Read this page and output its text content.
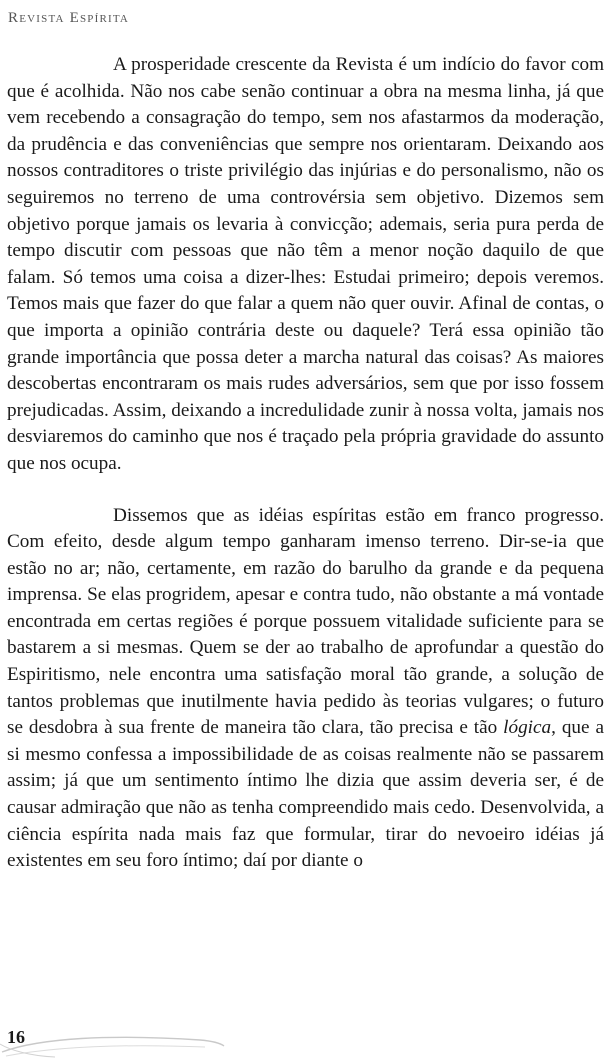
Revista Espírita

A prosperidade crescente da Revista é um indício do favor com que é acolhida. Não nos cabe senão continuar a obra na mesma linha, já que vem recebendo a consagração do tempo, sem nos afastarmos da moderação, da prudência e das conveniências que sempre nos orientaram. Deixando aos nossos contraditores o triste privilégio das injúrias e do personalismo, não os seguiremos no terreno de uma controvérsia sem objetivo. Dizemos sem objetivo porque jamais os levaria à convicção; ademais, seria pura perda de tempo discutir com pessoas que não têm a menor noção daquilo de que falam. Só temos uma coisa a dizer-lhes: Estudai primeiro; depois veremos. Temos mais que fazer do que falar a quem não quer ouvir. Afinal de contas, o que importa a opinião contrária deste ou daquele? Terá essa opinião tão grande importância que possa deter a marcha natural das coisas? As maiores descobertas encontraram os mais rudes adversários, sem que por isso fossem prejudicadas. Assim, deixando a incredulidade zunir à nossa volta, jamais nos desviaremos do caminho que nos é traçado pela própria gravidade do assunto que nos ocupa.

Dissemos que as idéias espíritas estão em franco progresso. Com efeito, desde algum tempo ganharam imenso terreno. Dir-se-ia que estão no ar; não, certamente, em razão do barulho da grande e da pequena imprensa. Se elas progridem, apesar e contra tudo, não obstante a má vontade encontrada em certas regiões é porque possuem vitalidade suficiente para se bastarem a si mesmas. Quem se der ao trabalho de aprofundar a questão do Espiritismo, nele encontra uma satisfação moral tão grande, a solução de tantos problemas que inutilmente havia pedido às teorias vulgares; o futuro se desdobra à sua frente de maneira tão clara, tão precisa e tão lógica, que a si mesmo confessa a impossibilidade de as coisas realmente não se passarem assim; já que um sentimento íntimo lhe dizia que assim deveria ser, é de causar admiração que não as tenha compreendido mais cedo. Desenvolvida, a ciência espírita nada mais faz que formular, tirar do nevoeiro idéias já existentes em seu foro íntimo; daí por diante o

16
